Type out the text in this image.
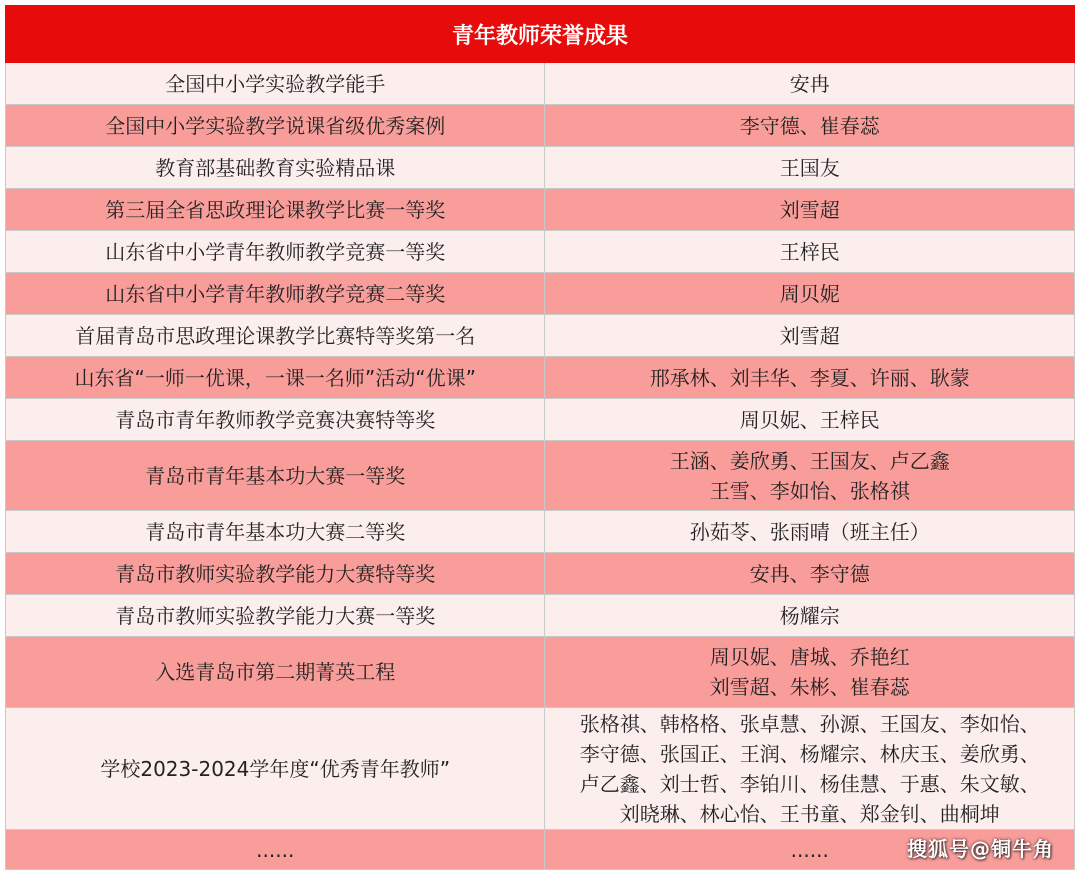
青年教师荣誉成果	
全国中小学实验教学能手	安冉
全国中小学实验教学说课省级优秀案例	李守德、崔春蕊
教育部基础教育实验精品课	王国友
第三届全省思政理论课教学比赛一等奖	刘雪超
山东省中小学青年教师教学竞赛一等奖	王梓民
山东省中小学青年教师教学竞赛二等奖	周贝妮
首届青岛市思政理论课教学比赛特等奖第一名	刘雪超
山东省“一师一优课，一课一名师”活动“优课”	邢承林、刘丰华、李夏、许丽、耿蒙
青岛市青年教师教学竞赛决赛特等奖	周贝妮、王梓民
青岛市青年基本功大赛一等奖	王涵、姜欣勇、王国友、卢乙鑫
王雪、李如怡、张格祺
青岛市青年基本功大赛二等奖	孙茹苓、张雨晴（班主任）
青岛市教师实验教学能力大赛特等奖	安冉、李守德
青岛市教师实验教学能力大赛一等奖	杨耀宗
入选青岛市第二期菁英工程	周贝妮、唐城、乔艳红
刘雪超、朱彬、崔春蕊
学校2023-2024学年度“优秀青年教师”	张格祺、韩格格、张卓慧、孙源、王国友、李如怡、
李守德、张国正、王润、杨耀宗、林庆玉、姜欣勇、
卢乙鑫、刘士哲、李铂川、杨佳慧、于惠、朱文敏、
刘晓琳、林心怡、王书童、郑金钊、曲桐坤
......	......	搜狐号@铜牛角
